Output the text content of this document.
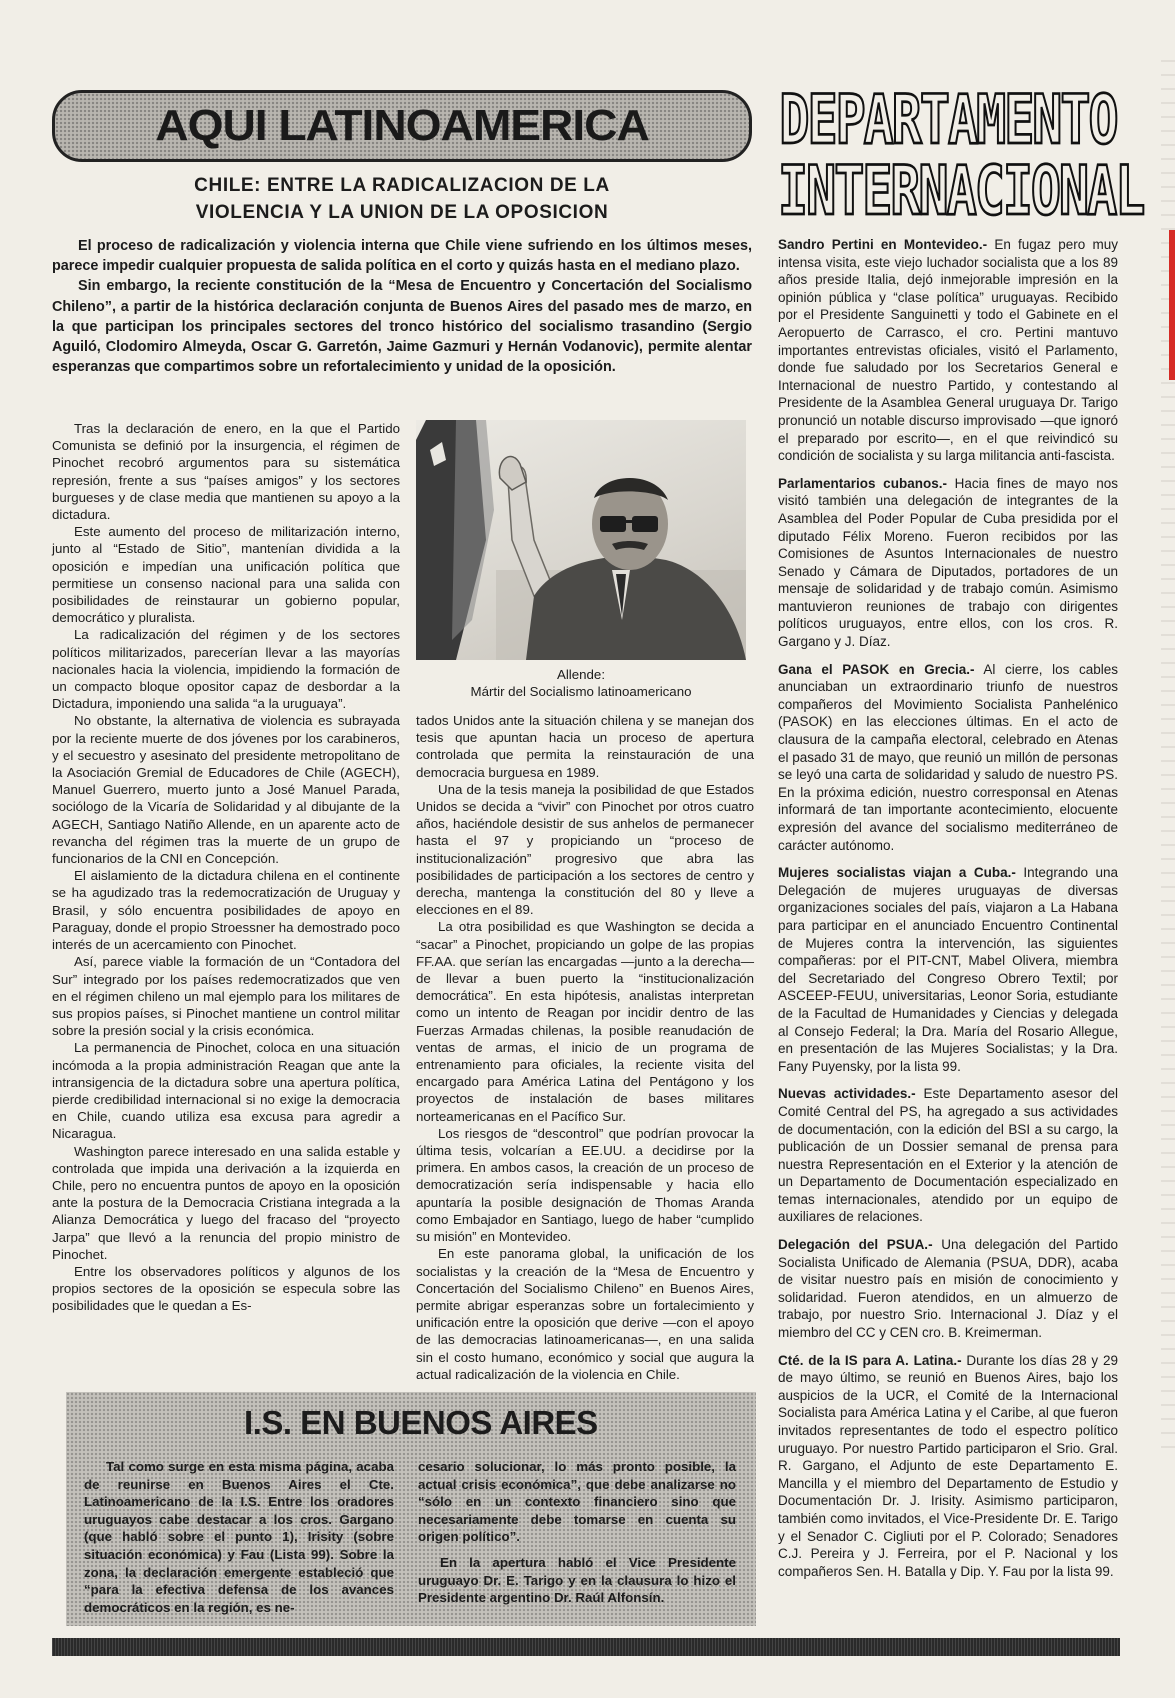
AQUI LATINOAMERICA	DEPARTAMENTO
INTERNACIONAL
CHILE: ENTRE LA RADICALIZACION DE LA
VIOLENCIA Y LA UNION DE LA OPOSICION

El proceso de radicalización y violencia interna que Chile viene sufriendo en los últimos meses, parece impedir cualquier propuesta de salida política en el corto y quizás hasta en el mediano plazo.

Sin embargo, la reciente constitución de la “Mesa de Encuentro y Concertación del Socialismo Chileno”, a partir de la histórica declaración conjunta de Buenos Aires del pasado mes de marzo, en la que participan los principales sectores del tronco histórico del socialismo trasandino (Sergio Aguiló, Clodomiro Almeyda, Oscar G. Garretón, Jaime Gazmuri y Hernán Vodanovic), permite alentar esperanzas que compartimos sobre un refortalecimiento y unidad de la oposición.

Tras la declaración de enero, en la que el Partido Comunista se definió por la insurgencia, el régimen de Pinochet recobró argumentos para su sistemática represión, frente a sus “países amigos” y los sectores burgueses y de clase media que mantienen su apoyo a la dictadura.

Este aumento del proceso de militarización interno, junto al “Estado de Sitio”, mantenían dividida a la oposición e impedían una unificación política que permitiese un consenso nacional para una salida con posibilidades de reinstaurar un gobierno popular, democrático y pluralista.

La radicalización del régimen y de los sectores políticos militarizados, parecerían llevar a las mayorías nacionales hacia la violencia, impidiendo la formación de un compacto bloque opositor capaz de desbordar a la Dictadura, imponiendo una salida “a la uruguaya”.

No obstante, la alternativa de violencia es subrayada por la reciente muerte de dos jóvenes por los carabineros, y el secuestro y asesinato del presidente metropolitano de la Asociación Gremial de Educadores de Chile (AGECH), Manuel Guerrero, muerto junto a José Manuel Parada, sociólogo de la Vicaría de Solidaridad y al dibujante de la AGECH, Santiago Natiño Allende, en un aparente acto de revancha del régimen tras la muerte de un grupo de funcionarios de la CNI en Concepción.

El aislamiento de la dictadura chilena en el continente se ha agudizado tras la redemocratización de Uruguay y Brasil, y sólo encuentra posibilidades de apoyo en Paraguay, donde el propio Stroessner ha demostrado poco interés de un acercamiento con Pinochet.

Así, parece viable la formación de un “Contadora del Sur” integrado por los países redemocratizados que ven en el régimen chileno un mal ejemplo para los militares de sus propios países, si Pinochet mantiene un control militar sobre la presión social y la crisis económica.

La permanencia de Pinochet, coloca en una situación incómoda a la propia administración Reagan que ante la intransigencia de la dictadura sobre una apertura política, pierde credibilidad internacional si no exige la democracia en Chile, cuando utiliza esa excusa para agredir a Nicaragua.

Washington parece interesado en una salida estable y controlada que impida una derivación a la izquierda en Chile, pero no encuentra puntos de apoyo en la oposición ante la postura de la Democracia Cristiana integrada a la Alianza Democrática y luego del fracaso del “proyecto Jarpa” que llevó a la renuncia del propio ministro de Pinochet.

Entre los observadores políticos y algunos de los propios sectores de la oposición se especula sobre las posibilidades que le quedan a Es-

Allende:
Mártir del Socialismo latinoamericano

tados Unidos ante la situación chilena y se manejan dos tesis que apuntan hacia un proceso de apertura controlada que permita la reinstauración de una democracia burguesa en 1989.

Una de la tesis maneja la posibilidad de que Estados Unidos se decida a “vivir” con Pinochet por otros cuatro años, haciéndole desistir de sus anhelos de permanecer hasta el 97 y propiciando un “proceso de institucionalización” progresivo que abra las posibilidades de participación a los sectores de centro y derecha, mantenga la constitución del 80 y lleve a elecciones en el 89.

La otra posibilidad es que Washington se decida a “sacar” a Pinochet, propiciando un golpe de las propias FF.AA. que serían las encargadas —junto a la derecha— de llevar a buen puerto la “institucionalización democrática”. En esta hipótesis, analistas interpretan como un intento de Reagan por incidir dentro de las Fuerzas Armadas chilenas, la posible reanudación de ventas de armas, el inicio de un programa de entrenamiento para oficiales, la reciente visita del encargado para América Latina del Pentágono y los proyectos de instalación de bases militares norteamericanas en el Pacífico Sur.

Los riesgos de “descontrol” que podrían provocar la última tesis, volcarían a EE.UU. a decidirse por la primera. En ambos casos, la creación de un proceso de democratización sería indispensable y hacia ello apuntaría la posible designación de Thomas Aranda como Embajador en Santiago, luego de haber “cumplido su misión” en Montevideo.

En este panorama global, la unificación de los socialistas y la creación de la “Mesa de Encuentro y Concertación del Socialismo Chileno” en Buenos Aires, permite abrigar esperanzas sobre un fortalecimiento y unificación entre la oposición que derive —con el apoyo de las democracias latinoamericanas—, en una salida sin el costo humano, económico y social que augura la actual radicalización de la violencia en Chile.

Sandro Pertini en Montevideo.- En fugaz pero muy intensa visita, este viejo luchador socialista que a los 89 años preside Italia, dejó inmejorable impresión en la opinión pública y “clase política” uruguayas. Recibido por el Presidente Sanguinetti y todo el Gabinete en el Aeropuerto de Carrasco, el cro. Pertini mantuvo importantes entrevistas oficiales, visitó el Parlamento, donde fue saludado por los Secretarios General e Internacional de nuestro Partido, y contestando al Presidente de la Asamblea General uruguaya Dr. Tarigo pronunció un notable discurso improvisado —que ignoró el preparado por escrito—, en el que reivindicó su condición de socialista y su larga militancia anti-fascista.

Parlamentarios cubanos.- Hacia fines de mayo nos visitó también una delegación de integrantes de la Asamblea del Poder Popular de Cuba presidida por el diputado Félix Moreno. Fueron recibidos por las Comisiones de Asuntos Internacionales de nuestro Senado y Cámara de Diputados, portadores de un mensaje de solidaridad y de trabajo común. Asimismo mantuvieron reuniones de trabajo con dirigentes políticos uruguayos, entre ellos, con los cros. R. Gargano y J. Díaz.

Gana el PASOK en Grecia.- Al cierre, los cables anunciaban un extraordinario triunfo de nuestros compañeros del Movimiento Socialista Panhelénico (PASOK) en las elecciones últimas. En el acto de clausura de la campaña electoral, celebrado en Atenas el pasado 31 de mayo, que reunió un millón de personas se leyó una carta de solidaridad y saludo de nuestro PS. En la próxima edición, nuestro corresponsal en Atenas informará de tan importante acontecimiento, elocuente expresión del avance del socialismo mediterráneo de carácter autónomo.

Mujeres socialistas viajan a Cuba.- Integrando una Delegación de mujeres uruguayas de diversas organizaciones sociales del país, viajaron a La Habana para participar en el anunciado Encuentro Continental de Mujeres contra la intervención, las siguientes compañeras: por el PIT-CNT, Mabel Olivera, miembra del Secretariado del Congreso Obrero Textil; por ASCEEP-FEUU, universitarias, Leonor Soria, estudiante de la Facultad de Humanidades y Ciencias y delegada al Consejo Federal; la Dra. María del Rosario Allegue, en presentación de las Mujeres Socialistas; y la Dra. Fany Puyensky, por la lista 99.

Nuevas actividades.- Este Departamento asesor del Comité Central del PS, ha agregado a sus actividades de documentación, con la edición del BSI a su cargo, la publicación de un Dossier semanal de prensa para nuestra Representación en el Exterior y la atención de un Departamento de Documentación especializado en temas internacionales, atendido por un equipo de auxiliares de relaciones.

Delegación del PSUA.- Una delegación del Partido Socialista Unificado de Alemania (PSUA, DDR), acaba de visitar nuestro país en misión de conocimiento y solidaridad. Fueron atendidos, en un almuerzo de trabajo, por nuestro Srio. Internacional J. Díaz y el miembro del CC y CEN cro. B. Kreimerman.

Cté. de la IS para A. Latina.- Durante los días 28 y 29 de mayo último, se reunió en Buenos Aires, bajo los auspicios de la UCR, el Comité de la Internacional Socialista para América Latina y el Caribe, al que fueron invitados representantes de todo el espectro político uruguayo. Por nuestro Partido participaron el Srio. Gral. R. Gargano, el Adjunto de este Departamento E. Mancilla y el miembro del Departamento de Estudio y Documentación Dr. J. Irisity. Asimismo participaron, también como invitados, el Vice-Presidente Dr. E. Tarigo y el Senador C. Cigliuti por el P. Colorado; Senadores C.J. Pereira y J. Ferreira, por el P. Nacional y los compañeros Sen. H. Batalla y Dip. Y. Fau por la lista 99.

I.S. EN BUENOS AIRES

Tal como surge en esta misma página, acaba de reunirse en Buenos Aires el Cte. Latinoamericano de la I.S. Entre los oradores uruguayos cabe destacar a los cros. Gargano (que habló sobre el punto 1), Irisity (sobre situación económica) y Fau (Lista 99). Sobre la zona, la declaración emergente estableció que “para la efectiva defensa de los avances democráticos en la región, es ne-

cesario solucionar, lo más pronto posible, la actual crisis económica”, que debe analizarse no “sólo en un contexto financiero sino que necesariamente debe tomarse en cuenta su origen político”.

En la apertura habló el Vice Presidente uruguayo Dr. E. Tarigo y en la clausura lo hizo el Presidente argentino Dr. Raúl Alfonsín.
